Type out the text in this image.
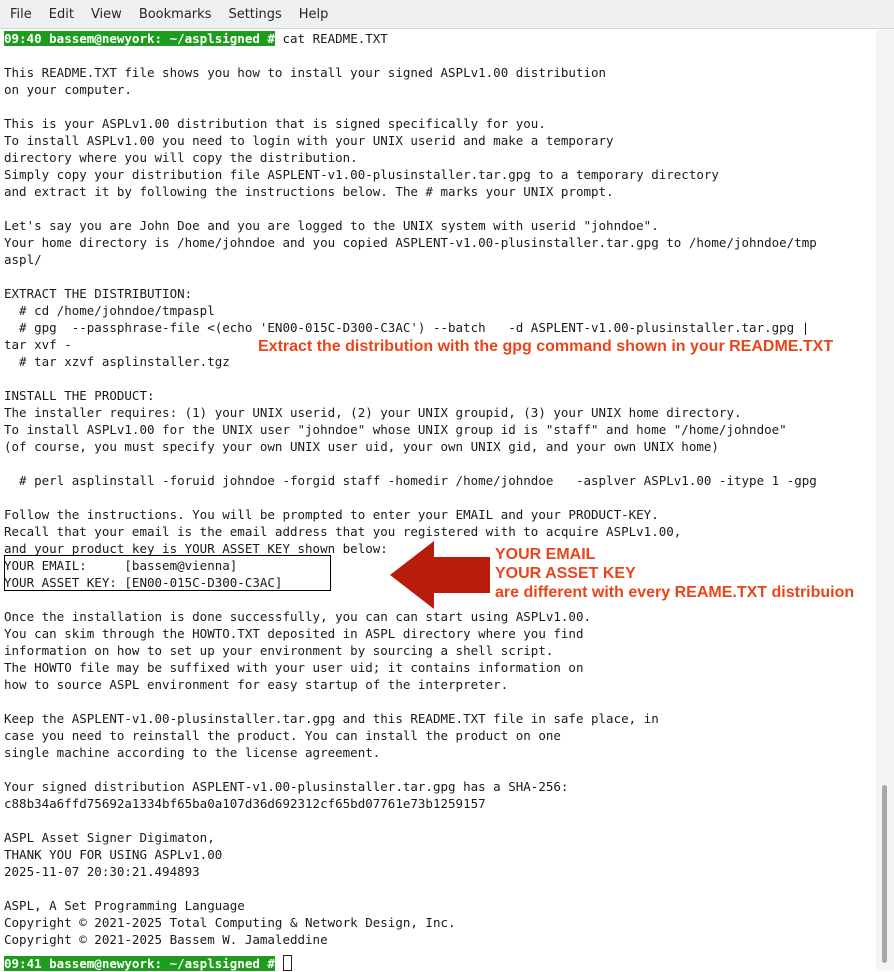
File	Edit	View	Bookmarks	Settings	Help
09:40 bassem@newyork: ~/asplsigned # cat README.TXT
This README.TXT file shows you how to install your signed ASPLv1.00 distribution
on your computer.
This is your ASPLv1.00 distribution that is signed specifically for you.
To install ASPLv1.00 you need to login with your UNIX userid and make a temporary
directory where you will copy the distribution.
Simply copy your distribution file ASPLENT-v1.00-plusinstaller.tar.gpg to a temporary directory
and extract it by following the instructions below. The # marks your UNIX prompt.
Let's say you are John Doe and you are logged to the UNIX system with userid "johndoe".
Your home directory is /home/johndoe and you copied ASPLENT-v1.00-plusinstaller.tar.gpg to /home/johndoe/tmp
aspl/
EXTRACT THE DISTRIBUTION:
# cd /home/johndoe/tmpaspl
# gpg  --passphrase-file <(echo 'EN00-015C-D300-C3AC') --batch   -d ASPLENT-v1.00-plusinstaller.tar.gpg |
tar xvf -
# tar xzvf asplinstaller.tgz
INSTALL THE PRODUCT:
The installer requires: (1) your UNIX userid, (2) your UNIX groupid, (3) your UNIX home directory.
To install ASPLv1.00 for the UNIX user "johndoe" whose UNIX group id is "staff" and home "/home/johndoe"
(of course, you must specify your own UNIX user uid, your own UNIX gid, and your own UNIX home)
# perl asplinstall -foruid johndoe -forgid staff -homedir /home/johndoe   -asplver ASPLv1.00 -itype 1 -gpg
Follow the instructions. You will be prompted to enter your EMAIL and your PRODUCT-KEY.
Recall that your email is the email address that you registered with to acquire ASPLv1.00,
and your product key is YOUR ASSET KEY shown below:
YOUR EMAIL:     [bassem@vienna]
YOUR ASSET KEY: [EN00-015C-D300-C3AC]
Once the installation is done successfully, you can can start using ASPLv1.00.
You can skim through the HOWTO.TXT deposited in ASPL directory where you find
information on how to set up your environment by sourcing a shell script.
The HOWTO file may be suffixed with your user uid; it contains information on
how to source ASPL environment for easy startup of the interpreter.
Keep the ASPLENT-v1.00-plusinstaller.tar.gpg and this README.TXT file in safe place, in
case you need to reinstall the product. You can install the product on one
single machine according to the license agreement.
Your signed distribution ASPLENT-v1.00-plusinstaller.tar.gpg has a SHA-256:
c88b34a6ffd75692a1334bf65ba0a107d36d692312cf65bd07761e73b1259157
ASPL Asset Signer Digimaton,
THANK YOU FOR USING ASPLv1.00
2025-11-07 20:30:21.494893
ASPL, A Set Programming Language
Copyright © 2021-2025 Total Computing & Network Design, Inc.
Copyright © 2021-2025 Bassem W. Jamaleddine
09:41 bassem@newyork: ~/asplsigned #
Extract the distribution with the gpg command shown in your README.TXT
YOUR EMAIL
YOUR ASSET KEY
are different with every REAME.TXT distribuion
